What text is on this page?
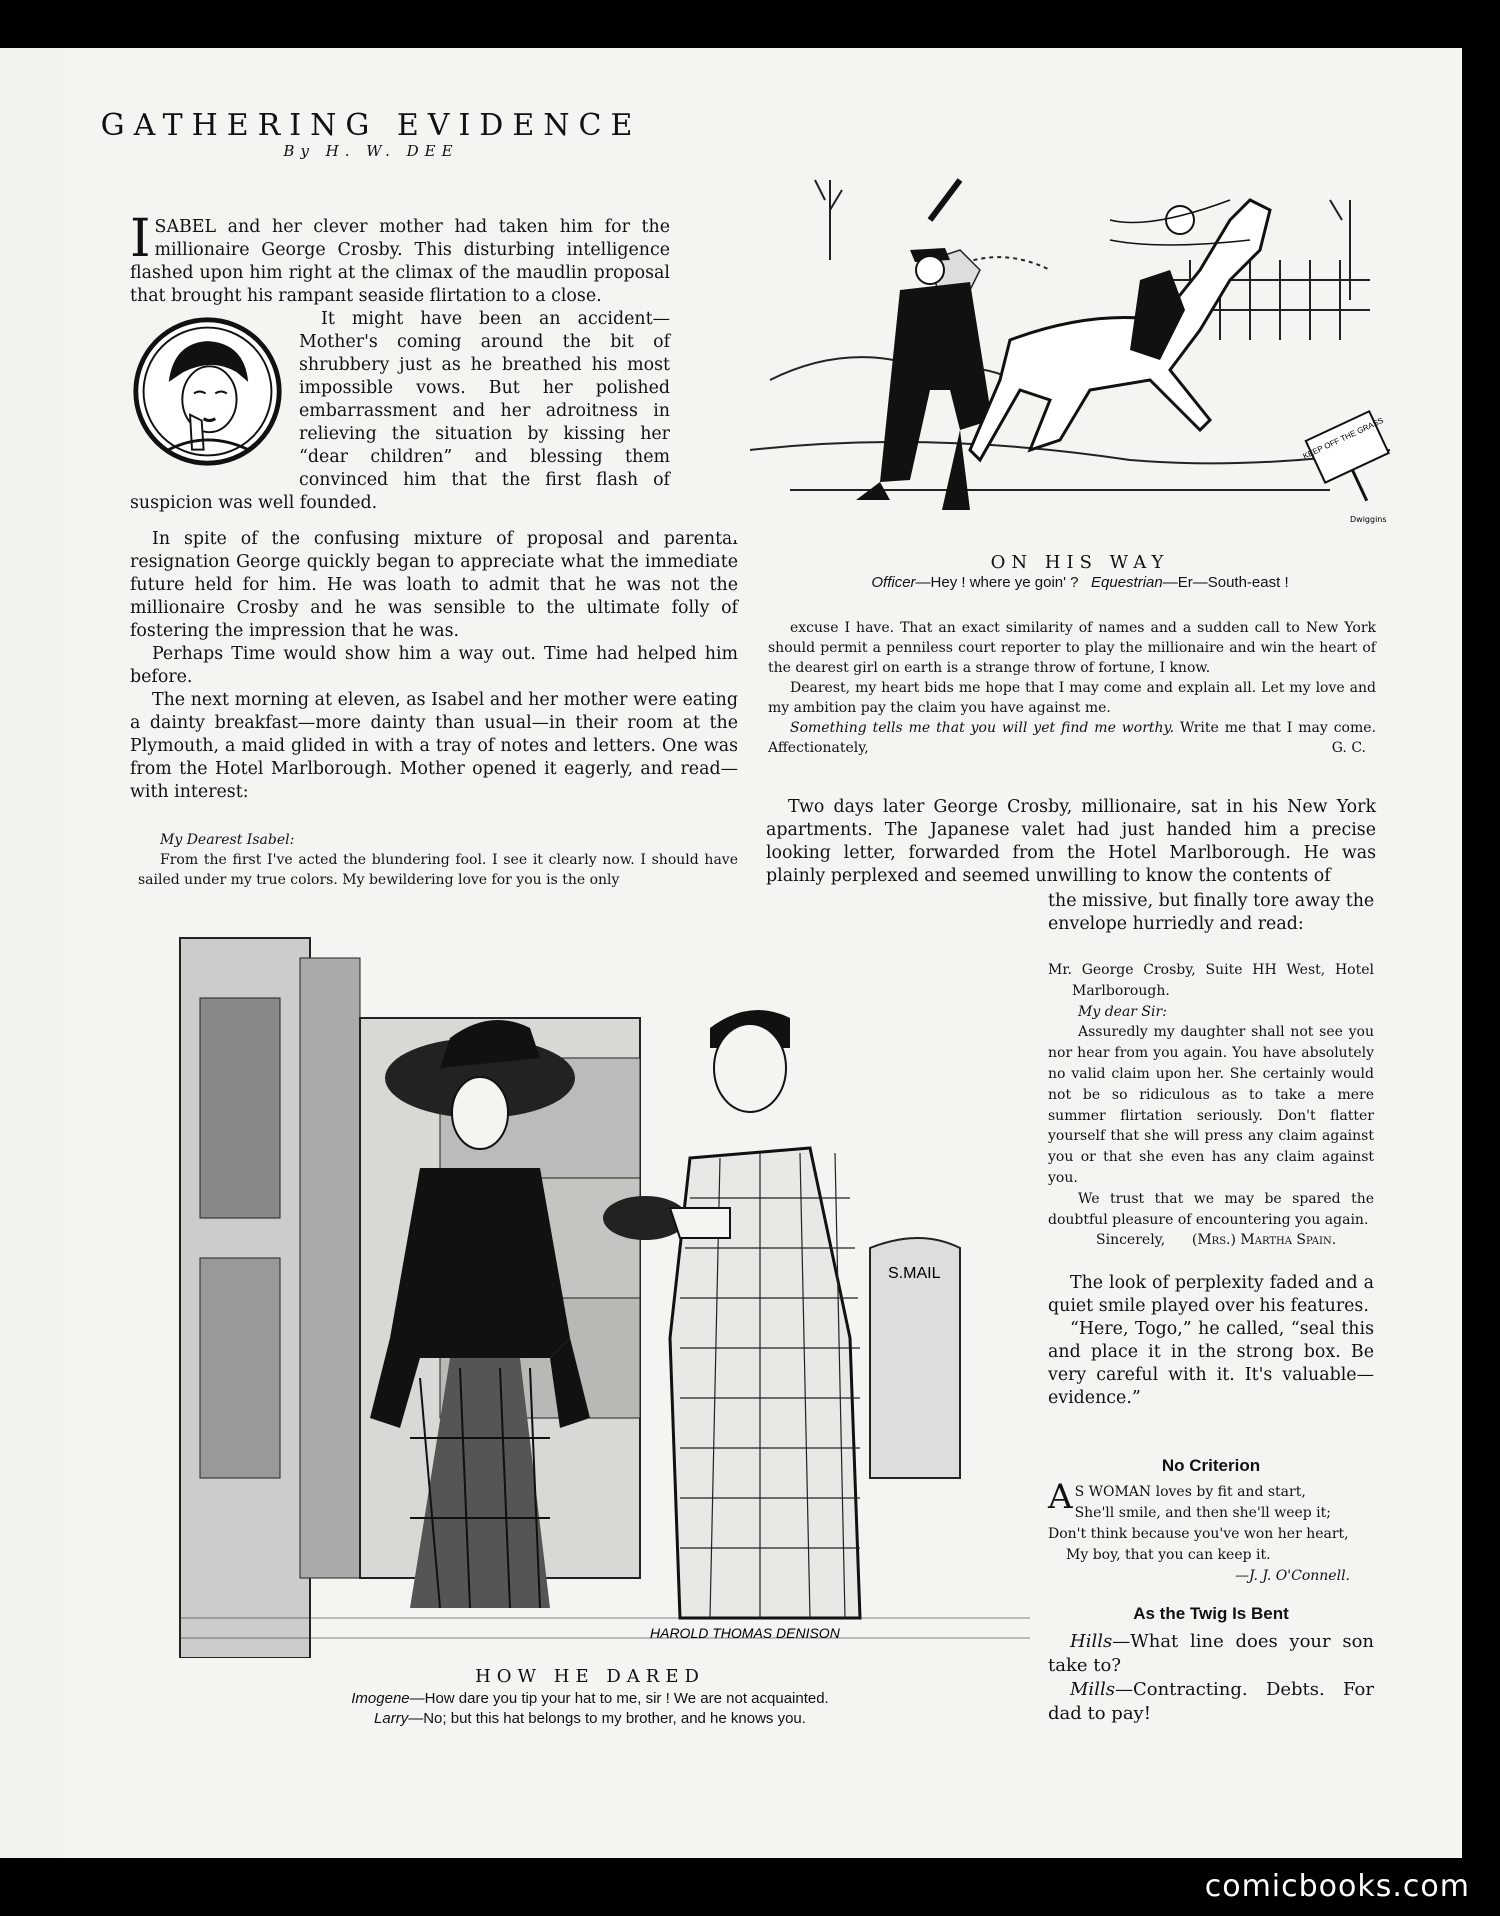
GATHERING EVIDENCE
By H. W. DEE

ISABEL and her clever mother had taken him for the millionaire George Crosby. This disturbing intelligence flashed upon him right at the climax of the maudlin proposal that brought his rampant seaside flirtation to a close.

It might have been an accident—Mother's coming around the bit of shrubbery just as he breathed his most impossible vows. But her polished embarrassment and her adroitness in relieving the situation by kissing her “dear children” and blessing them convinced him that the first flash of suspicion was well founded.

In spite of the confusing mixture of proposal and parental resignation George quickly began to appreciate what the immediate future held for him. He was loath to admit that he was not the millionaire Crosby and he was sensible to the ultimate folly of fostering the impression that he was.

Perhaps Time would show him a way out. Time had helped him before.

The next morning at eleven, as Isabel and her mother were eating a dainty breakfast—more dainty than usual—in their room at the Plymouth, a maid glided in with a tray of notes and letters. One was from the Hotel Marlborough. Mother opened it eagerly, and read—with interest:

My Dearest Isabel:

From the first I've acted the blundering fool. I see it clearly now. I should have sailed under my true colors. My bewildering love for you is the only

KEEP OFF THE GRASS
Dwiggins
ON HIS WAY
Officer—Hey ! where ye goin' ? Equestrian—Er—South-east !

excuse I have. That an exact similarity of names and a sudden call to New York should permit a penniless court reporter to play the millionaire and win the heart of the dearest girl on earth is a strange throw of fortune, I know.

Dearest, my heart bids me hope that I may come and explain all. Let my love and my ambition pay the claim you have against me.

Something tells me that you will yet find me worthy. Write me that I may come. Affectionately,	G. C.

Two days later George Crosby, millionaire, sat in his New York apartments. The Japanese valet had just handed him a precise looking letter, forwarded from the Hotel Marlborough. He was plainly perplexed and seemed unwilling to know the contents of

the missive, but finally tore away the envelope hurriedly and read:

Mr. George Crosby, Suite HH West, Hotel Marlborough.

My dear Sir:

Assuredly my daughter shall not see you nor hear from you again. You have absolutely no valid claim upon her. She certainly would not be so ridiculous as to take a mere summer flirtation seriously. Don't flatter yourself that she will press any claim against you or that she even has any claim against you.

We trust that we may be spared the doubtful pleasure of encountering you again.

Sincerely, (Mrs.) Martha Spain.

The look of perplexity faded and a quiet smile played over his features.

“Here, Togo,” he called, “seal this and place it in the strong box. Be very careful with it. It's valuable—evidence.”

No Criterion
A S WOMAN loves by fit and start,
She'll smile, and then she'll weep it;
Don't think because you've won her heart,
My boy, that you can keep it.
—J. J. O'Connell.
As the Twig Is Bent

Hills—What line does your son take to?

Mills—Contracting. Debts. For dad to pay!

S.MAIL
HAROLD THOMAS DENISON
HOW HE DARED
Imogene—How dare you tip your hat to me, sir ! We are not acquainted.
Larry—No; but this hat belongs to my brother, and he knows you.
comicbooks.com
